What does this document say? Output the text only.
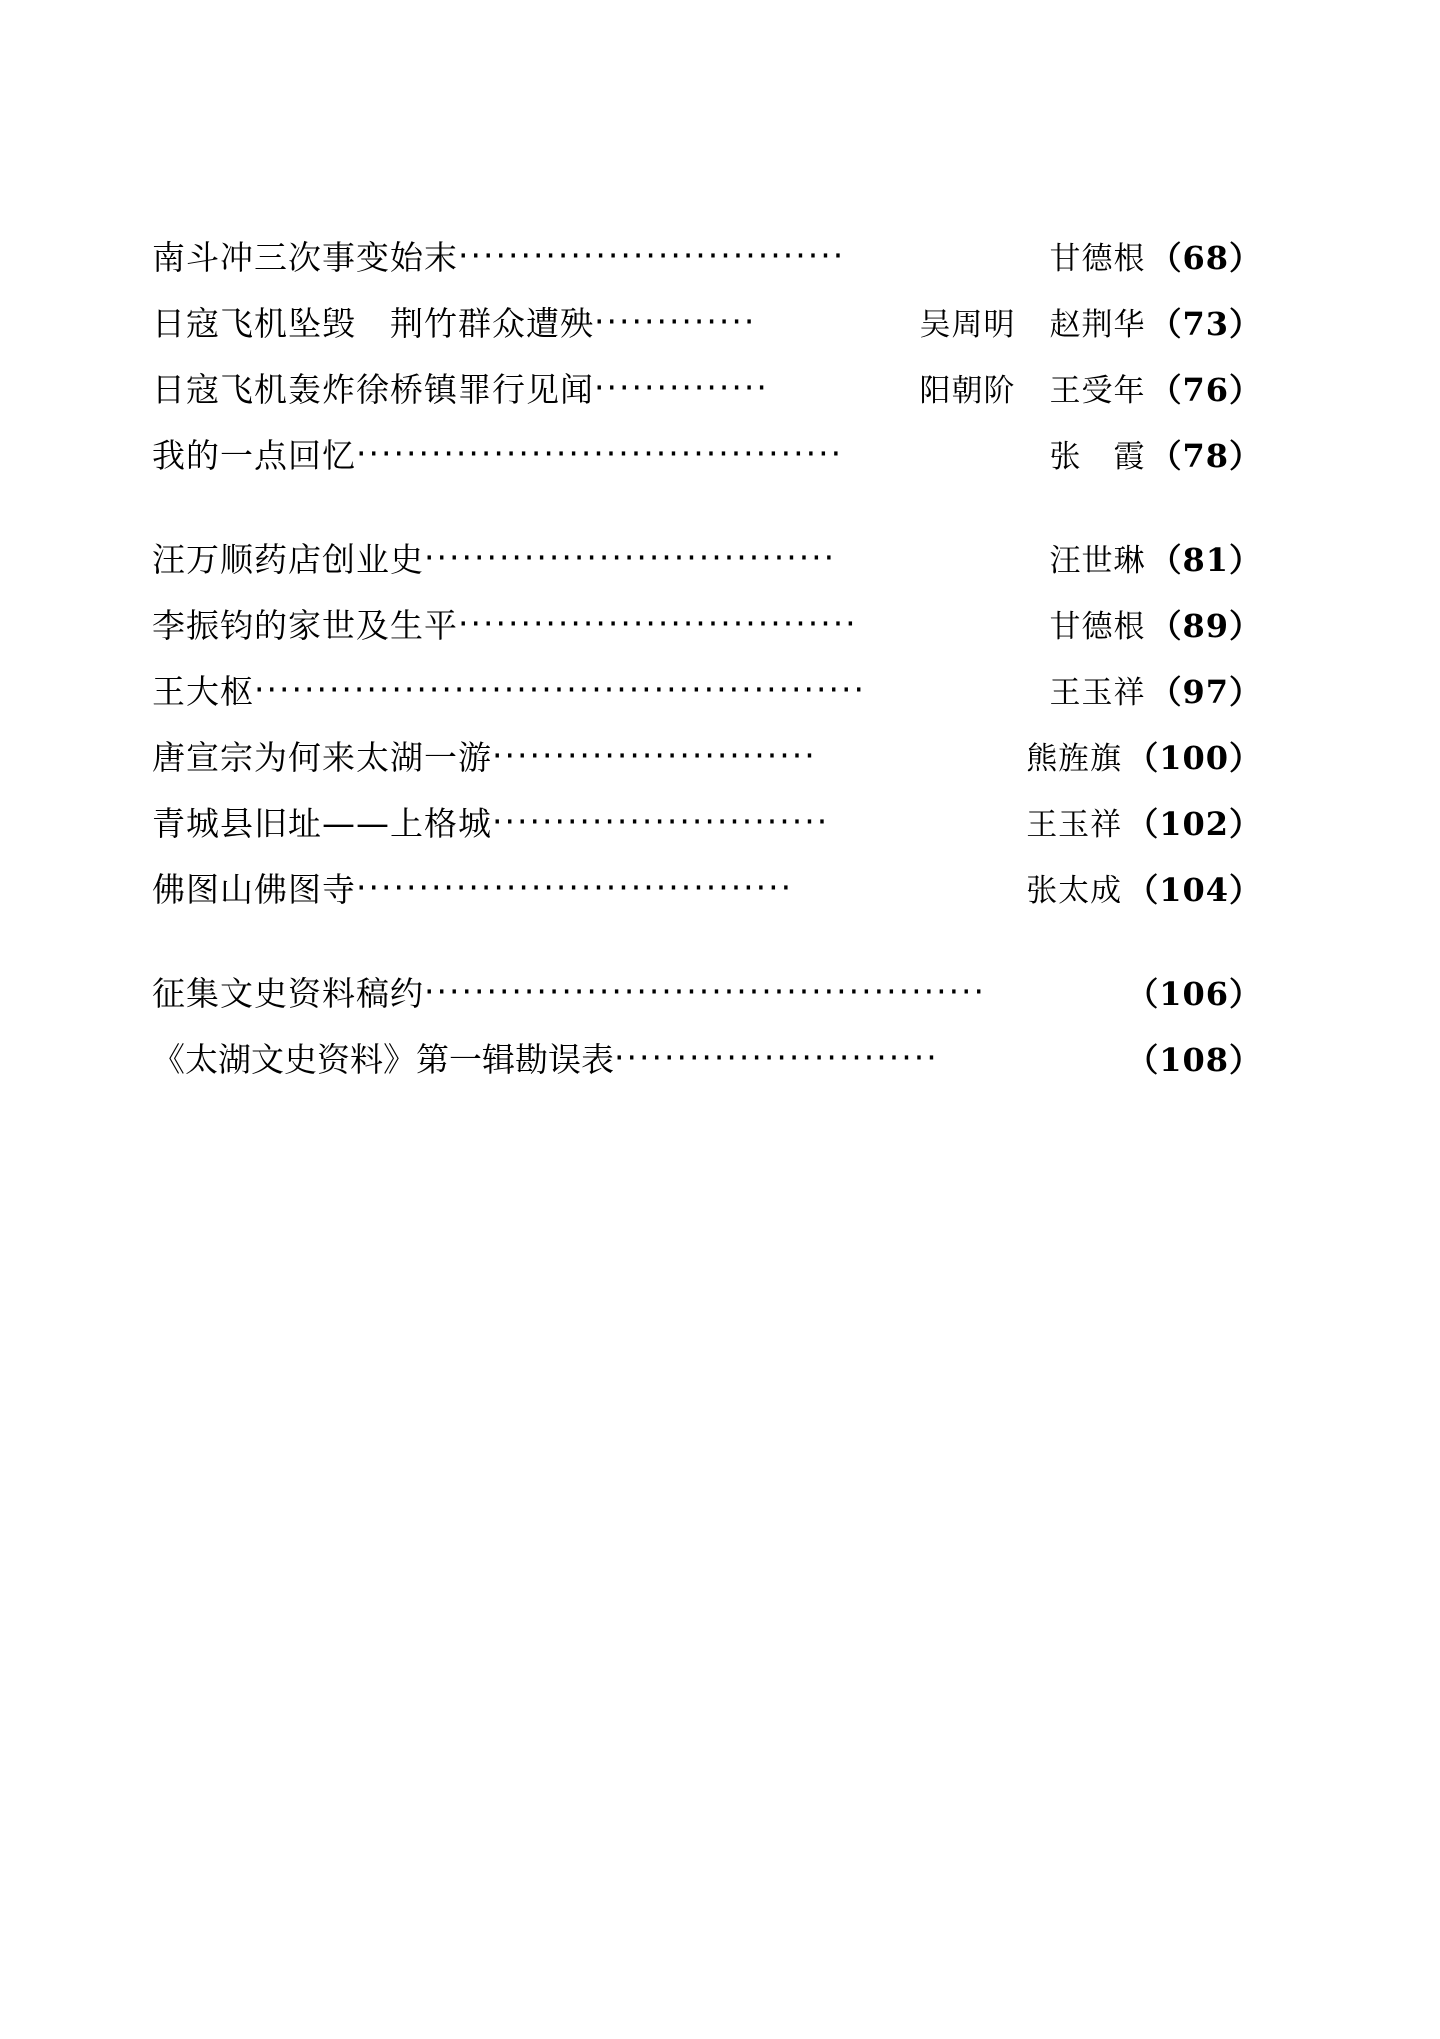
南斗冲三次事变始末 ·······························	甘德根 （68）
日寇飞机坠毁　荆竹群众遭殃 ·············	吴周明 赵荆华 （73）
日寇飞机轰炸徐桥镇罪行见闻 ··············	阳朝阶 王受年 （76）
我的一点回忆 ·······································	张　霞 （78）
汪万顺药店创业史 ·································	汪世琳 （81）
李振钧的家世及生平 ································	甘德根 （89）
王大枢 ·················································	王玉祥 （97）
唐宣宗为何来太湖一游 ··························	熊旌旗 （100）
青城县旧址——上格城 ···························	王玉祥 （102）
佛图山佛图寺 ···································	张太成 （104）
征集文史资料稿约 ·············································	（106）
《太湖文史资料》第一辑勘误表 ··························	（108）
